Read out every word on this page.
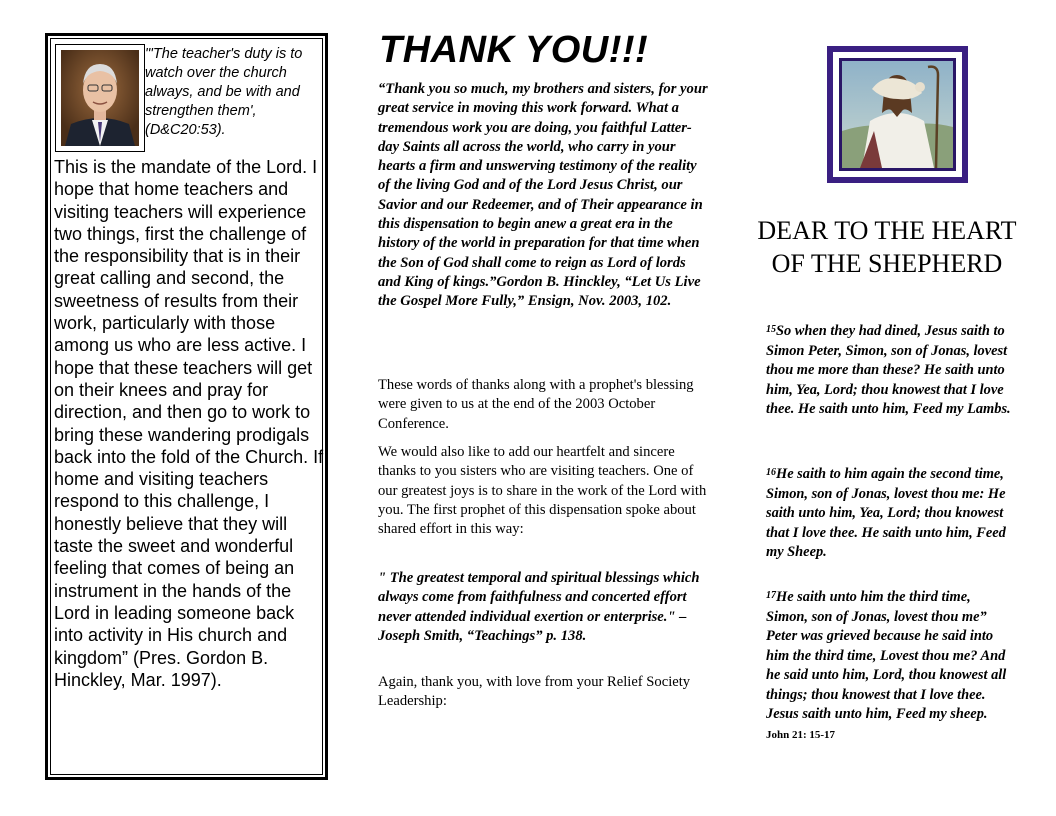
"'The teacher's duty is to watch over the church always, and be with and strengthen them', (D&C20:53).
This is the mandate of the Lord. I hope that home teachers and visiting teachers will experience two things, first the challenge of the responsibility that is in their great calling and second, the sweetness of results from their work, particularly with those among us who are less active. I hope that these teachers will get on their knees and pray for direction, and then go to work to bring these wandering prodigals back into the fold of the Church. If home and visiting teachers respond to this challenge, I honestly believe that they will taste the sweet and wonderful feeling that comes of being an instrument in the hands of the Lord in leading someone back into activity in His church and kingdom” (Pres. Gordon B. Hinckley, Mar. 1997).
THANK YOU!!!
“Thank you so much, my brothers and sisters, for your great service in moving this work forward. What a tremendous work you are doing, you faithful Latter-day Saints all across the world, who carry in your hearts a firm and unswerving testimony of the reality of the living God and of the Lord Jesus Christ, our Savior and our Redeemer, and of Their appearance in this dispensation to begin anew a great era in the history of the world in preparation for that time when the Son of God shall come to reign as Lord of lords and King of kings.”Gordon B. Hinckley, “Let Us Live the Gospel More Fully,” Ensign, Nov. 2003, 102.
These words of thanks along with a prophet's blessing were given to us at the end of the 2003 October Conference.
We would also like to add our heartfelt and sincere thanks to you sisters who are visiting teachers. One of our greatest joys is to share in the work of the Lord with you. The first prophet of this dispensation spoke about shared effort in this way:
" The greatest temporal and spiritual blessings which always come from faithfulness and concerted effort never attended individual exertion or enterprise." –Joseph Smith, “Teachings” p. 138.
Again, thank you, with love from your Relief Society Leadership:
DEAR TO THE HEART OF THE SHEPHERD
$^{15}$So when they had dined, Jesus saith to Simon Peter, Simon, son of Jonas, lovest thou me more than these? He saith unto him, Yea, Lord; thou knowest that I love thee. He saith unto him, Feed my Lambs.
$^{16}$He saith to him again the second time, Simon, son of Jonas, lovest thou me: He saith unto him, Yea, Lord; thou knowest that I love thee. He saith unto him, Feed my Sheep.
$^{17}$He saith unto him the third time, Simon, son of Jonas, lovest thou me” Peter was grieved because he said into him the third time, Lovest thou me? And he said unto him, Lord, thou knowest all things; thou knowest that I love thee. Jesus saith unto him, Feed my sheep. John 21: 15-17
